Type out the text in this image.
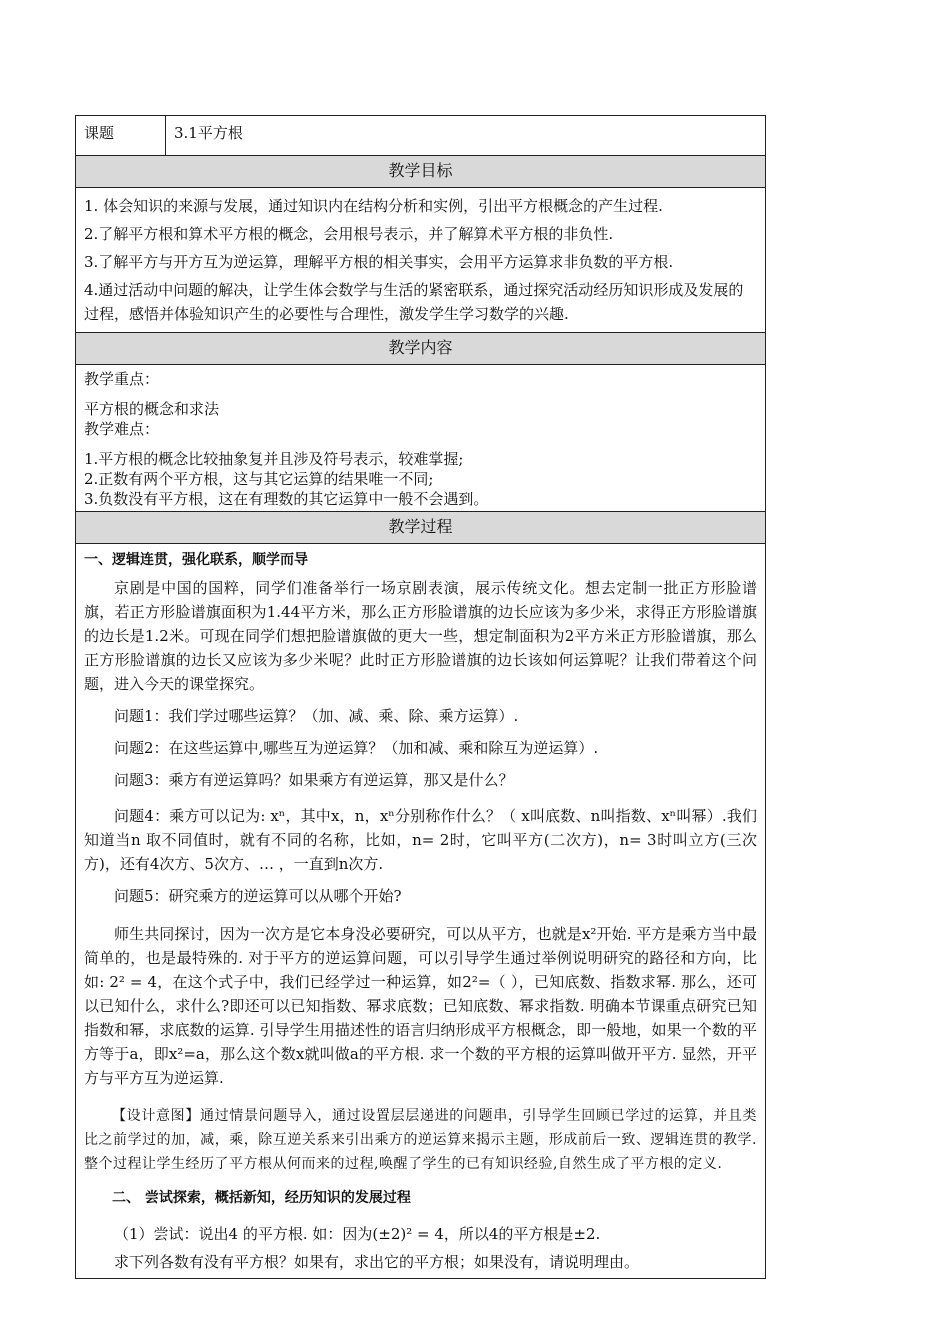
课题	3.1平方根
教学目标

1. 体会知识的来源与发展，通过知识内在结构分析和实例，引出平方根概念的产生过程.

2.了解平方根和算术平方根的概念，会用根号表示，并了解算术平方根的非负性.

3.了解平方与开方互为逆运算，理解平方根的相关事实，会用平方运算求非负数的平方根.

4.通过活动中问题的解决，让学生体会数学与生活的紧密联系，通过探究活动经历知识形成及发展的过程，感悟并体验知识产生的必要性与合理性，激发学生学习数学的兴趣.

教学内容

教学重点：

平方根的概念和求法

教学难点：

1.平方根的概念比较抽象复并且涉及符号表示，较难掌握;

2.正数有两个平方根，这与其它运算的结果唯一不同;

3.负数没有平方根，这在有理数的其它运算中一般不会遇到。

教学过程

一、逻辑连贯，强化联系，顺学而导

京剧是中国的国粹，同学们准备举行一场京剧表演，展示传统文化。想去定制一批正方形脸谱旗，若正方形脸谱旗面积为1.44平方米，那么正方形脸谱旗的边长应该为多少米，求得正方形脸谱旗的边长是1.2米。可现在同学们想把脸谱旗做的更大一些，想定制面积为2平方米正方形脸谱旗，那么正方形脸谱旗的边长又应该为多少米呢？此时正方形脸谱旗的边长该如何运算呢？让我们带着这个问题，进入今天的课堂探究。

问题1：我们学过哪些运算？（加、减、乘、除、乘方运算）.

问题2：在这些运算中,哪些互为逆运算？（加和减、乘和除互为逆运算）.

问题3：乘方有逆运算吗？如果乘方有逆运算，那又是什么？

问题4：乘方可以记为: xⁿ，其中x，n，xⁿ分别称作什么？（ x叫底数、n叫指数、xⁿ叫幂）.我们知道当n 取不同值时，就有不同的名称，比如，n= 2时，它叫平方(二次方)，n= 3时叫立方(三次方)，还有4次方、5次方、… ，一直到n次方.

问题5：研究乘方的逆运算可以从哪个开始?

师生共同探讨，因为一次方是它本身没必要研究，可以从平方，也就是x²开始. 平方是乘方当中最简单的，也是最特殊的. 对于平方的逆运算问题，可以引导学生通过举例说明研究的路径和方向，比如: 2² = 4，在这个式子中，我们已经学过一种运算，如2²=（ ），已知底数、指数求幂. 那么，还可以已知什么，求什么?即还可以已知指数、幂求底数；已知底数、幂求指数. 明确本节课重点研究已知指数和幂，求底数的运算. 引导学生用描述性的语言归纳形成平方根概念，即一般地，如果一个数的平方等于a，即x²=a，那么这个数x就叫做a的平方根. 求一个数的平方根的运算叫做开平方. 显然，开平方与平方互为逆运算.

【设计意图】通过情景问题导入，通过设置层层递进的问题串，引导学生回顾已学过的运算，并且类比之前学过的加，减，乘，除互逆关系来引出乘方的逆运算来揭示主题，形成前后一致、逻辑连贯的教学. 整个过程让学生经历了平方根从何而来的过程,唤醒了学生的已有知识经验,自然生成了平方根的定义.

二、 尝试探索，概括新知，经历知识的发展过程

（1）尝试：说出4 的平方根. 如：因为(±2)² = 4，所以4的平方根是±2.

求下列各数有没有平方根？如果有，求出它的平方根；如果没有，请说明理由。
